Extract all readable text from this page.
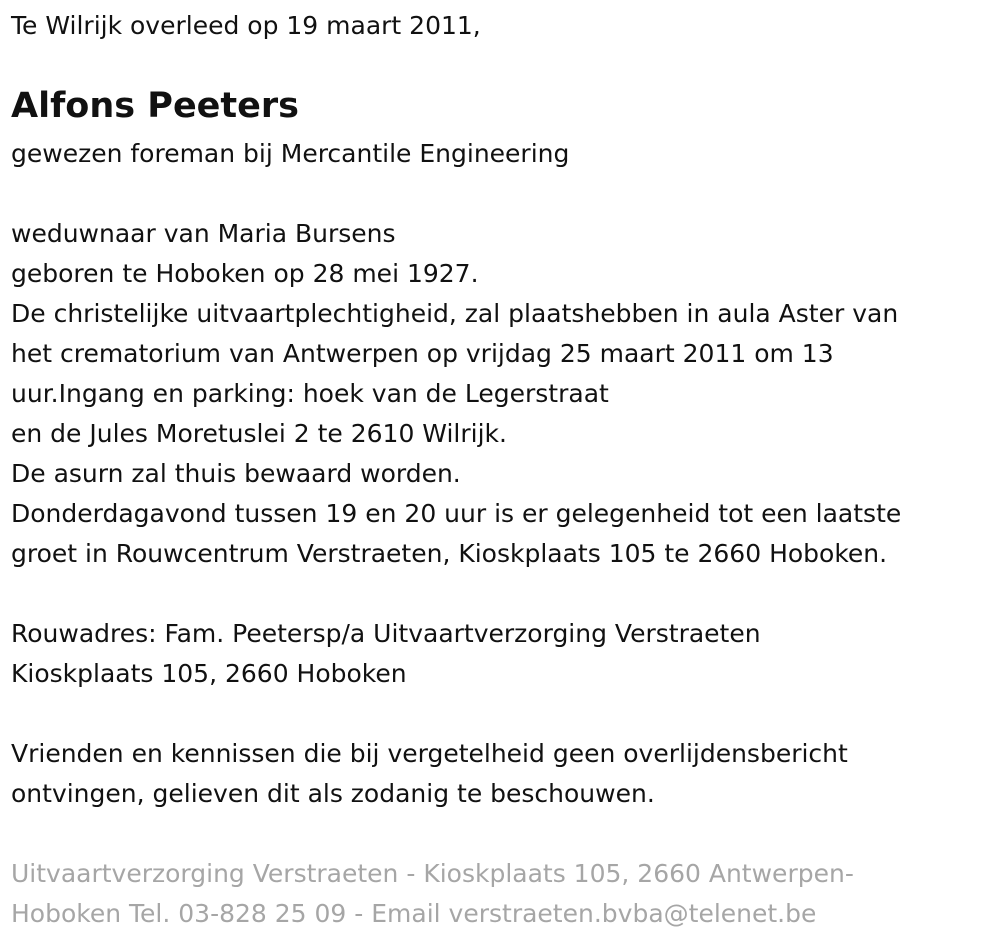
Te Wilrijk overleed op 19 maart 2011,
Alfons Peeters
gewezen foreman bij Mercantile Engineering
weduwnaar van Maria Bursens
geboren te Hoboken op 28 mei 1927.
De christelijke uitvaartplechtigheid, zal plaatshebben in aula Aster van
het crematorium van Antwerpen op vrijdag 25 maart 2011 om 13
uur.Ingang en parking: hoek van de Legerstraat
en de Jules Moretuslei 2 te 2610 Wilrijk.
De asurn zal thuis bewaard worden.
Donderdagavond tussen 19 en 20 uur is er gelegenheid tot een laatste
groet in Rouwcentrum Verstraeten, Kioskplaats 105 te 2660 Hoboken.
Rouwadres: Fam. Peetersp/a Uitvaartverzorging Verstraeten
Kioskplaats 105, 2660 Hoboken
Vrienden en kennissen die bij vergetelheid geen overlijdensbericht
ontvingen, gelieven dit als zodanig te beschouwen.
Uitvaartverzorging Verstraeten - Kioskplaats 105, 2660 Antwerpen-
Hoboken Tel. 03-828 25 09 - Email verstraeten.bvba@telenet.be
